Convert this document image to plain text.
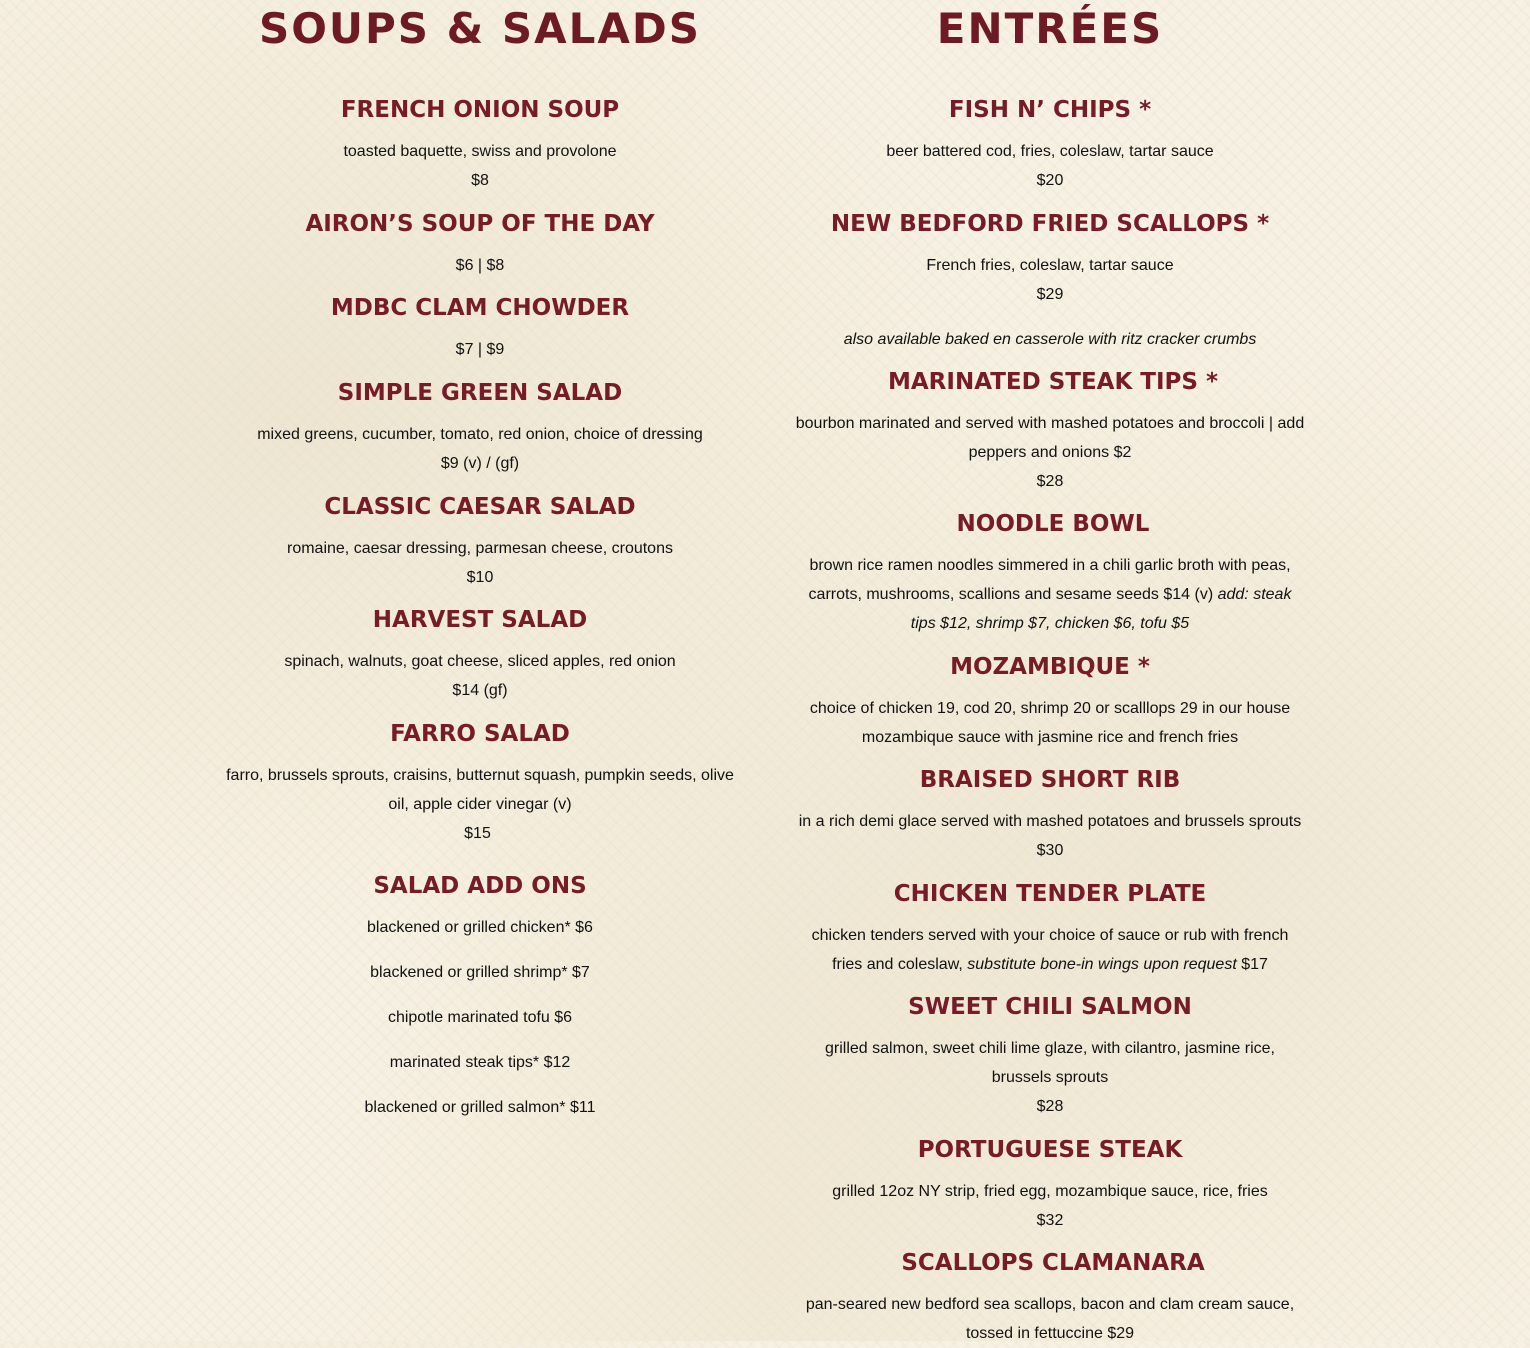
SOUPS & SALADS
FRENCH ONION SOUP

toasted baquette, swiss and provolone

$8

AIRON’S SOUP OF THE DAY

$6 | $8

MDBC CLAM CHOWDER

$7 | $9

SIMPLE GREEN SALAD

mixed greens, cucumber, tomato, red onion, choice of dressing

$9 (v) / (gf)

CLASSIC CAESAR SALAD

romaine, caesar dressing, parmesan cheese, croutons

$10

HARVEST SALAD

spinach, walnuts, goat cheese, sliced apples, red onion

$14 (gf)

FARRO SALAD

farro, brussels sprouts, craisins, butternut squash, pumpkin seeds, olive

oil, apple cider vinegar (v)

$15

SALAD ADD ONS

blackened or grilled chicken* $6

blackened or grilled shrimp* $7

chipotle marinated tofu $6

marinated steak tips* $12

blackened or grilled salmon* $11

ENTRÉES
FISH N’ CHIPS *

beer battered cod, fries, coleslaw, tartar sauce

$20

NEW BEDFORD FRIED SCALLOPS *

French fries, coleslaw, tartar sauce

$29

also available baked en casserole with ritz cracker crumbs

MARINATED STEAK TIPS *

bourbon marinated and served with mashed potatoes and broccoli | add

peppers and onions $2

$28

NOODLE BOWL

brown rice ramen noodles simmered in a chili garlic broth with peas,

carrots, mushrooms, scallions and sesame seeds $14 (v) add: steak

tips $12, shrimp $7, chicken $6, tofu $5

MOZAMBIQUE *

choice of chicken 19, cod 20, shrimp 20 or scalllops 29 in our house

mozambique sauce with jasmine rice and french fries

BRAISED SHORT RIB

in a rich demi glace served with mashed potatoes and brussels sprouts

$30

CHICKEN TENDER PLATE

chicken tenders served with your choice of sauce or rub with french

fries and coleslaw, substitute bone-in wings upon request $17

SWEET CHILI SALMON

grilled salmon, sweet chili lime glaze, with cilantro, jasmine rice,

brussels sprouts

$28

PORTUGUESE STEAK

grilled 12oz NY strip, fried egg, mozambique sauce, rice, fries

$32

SCALLOPS CLAMANARA

pan-seared new bedford sea scallops, bacon and clam cream sauce,

tossed in fettuccine $29
